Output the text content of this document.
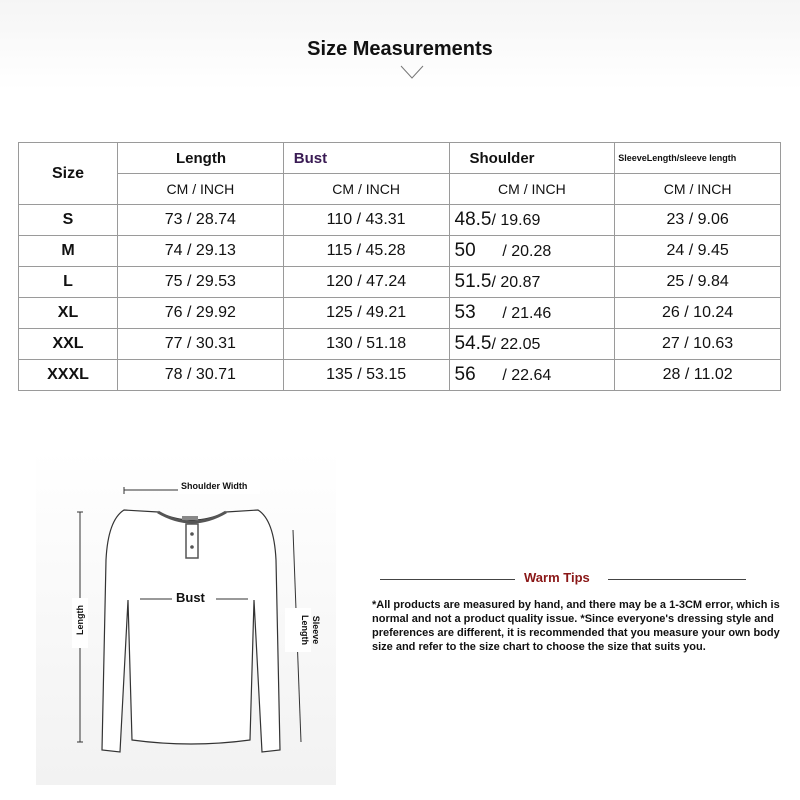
Size Measurements
Size	Length	Bust	Shoulder	SleeveLength/sleeve length
	CM / INCH	CM / INCH	CM / INCH	CM / INCH
S	73 / 28.74	110 / 43.31	48.5/ 19.69	23 / 9.06
M	74 / 29.13	115 / 45.28	50 / 20.28	24 / 9.45
L	75 / 29.53	120 / 47.24	51.5/ 20.87	25 / 9.84
XL	76 / 29.92	125 / 49.21	53 / 21.46	26 / 10.24
XXL	77 / 30.31	130 / 51.18	54.5/ 22.05	27 / 10.63
XXXL	78 / 30.71	135 / 53.15	56 / 22.64	28 / 11.02
Shoulder Width
Bust
Length	Sleeve
Length
Warm Tips
*All products are measured by hand, and there may be a 1-3CM error, which is normal and not a product quality issue. *Since everyone's dressing style and preferences are different, it is recommended that you measure your own body size and refer to the size chart to choose the size that suits you.
